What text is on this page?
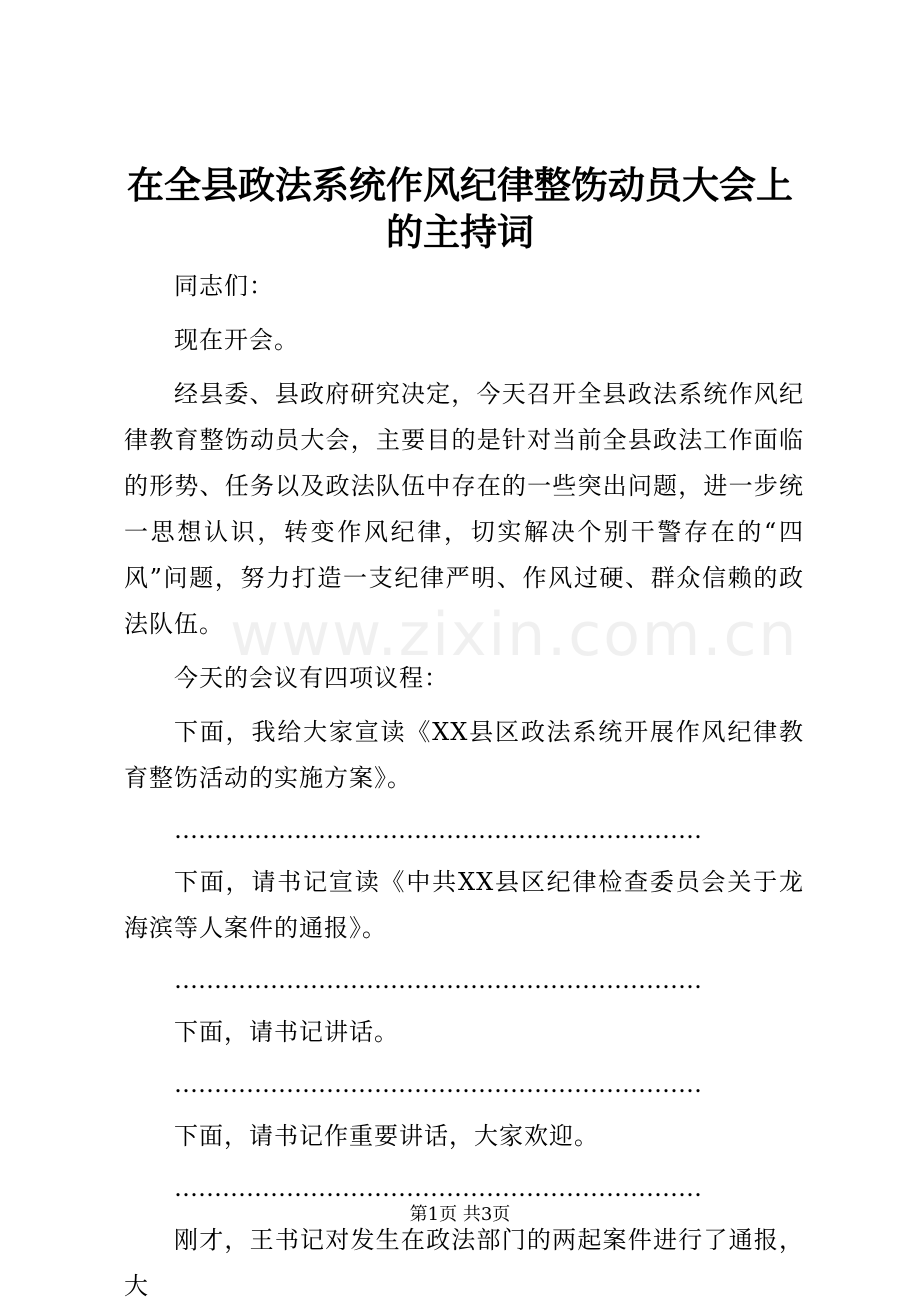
www.zixin.com.cn
在全县政法系统作风纪律整饬动员大会上的主持词

同志们：

现在开会。

经县委、县政府研究决定，今天召开全县政法系统作风纪律教育整饬动员大会，主要目的是针对当前全县政法工作面临的形势、任务以及政法队伍中存在的一些突出问题，进一步统一思想认识，转变作风纪律，切实解决个别干警存在的“四风”问题，努力打造一支纪律严明、作风过硬、群众信赖的政法队伍。

今天的会议有四项议程：

下面，我给大家宣读《XX县区政法系统开展作风纪律教育整饬活动的实施方案》。

…………………………………………………………

下面，请书记宣读《中共XX县区纪律检查委员会关于龙海滨等人案件的通报》。

…………………………………………………………

下面，请书记讲话。

…………………………………………………………

下面，请书记作重要讲话，大家欢迎。

…………………………………………………………

刚才，王书记对发生在政法部门的两起案件进行了通报，大

第1页 共3页
